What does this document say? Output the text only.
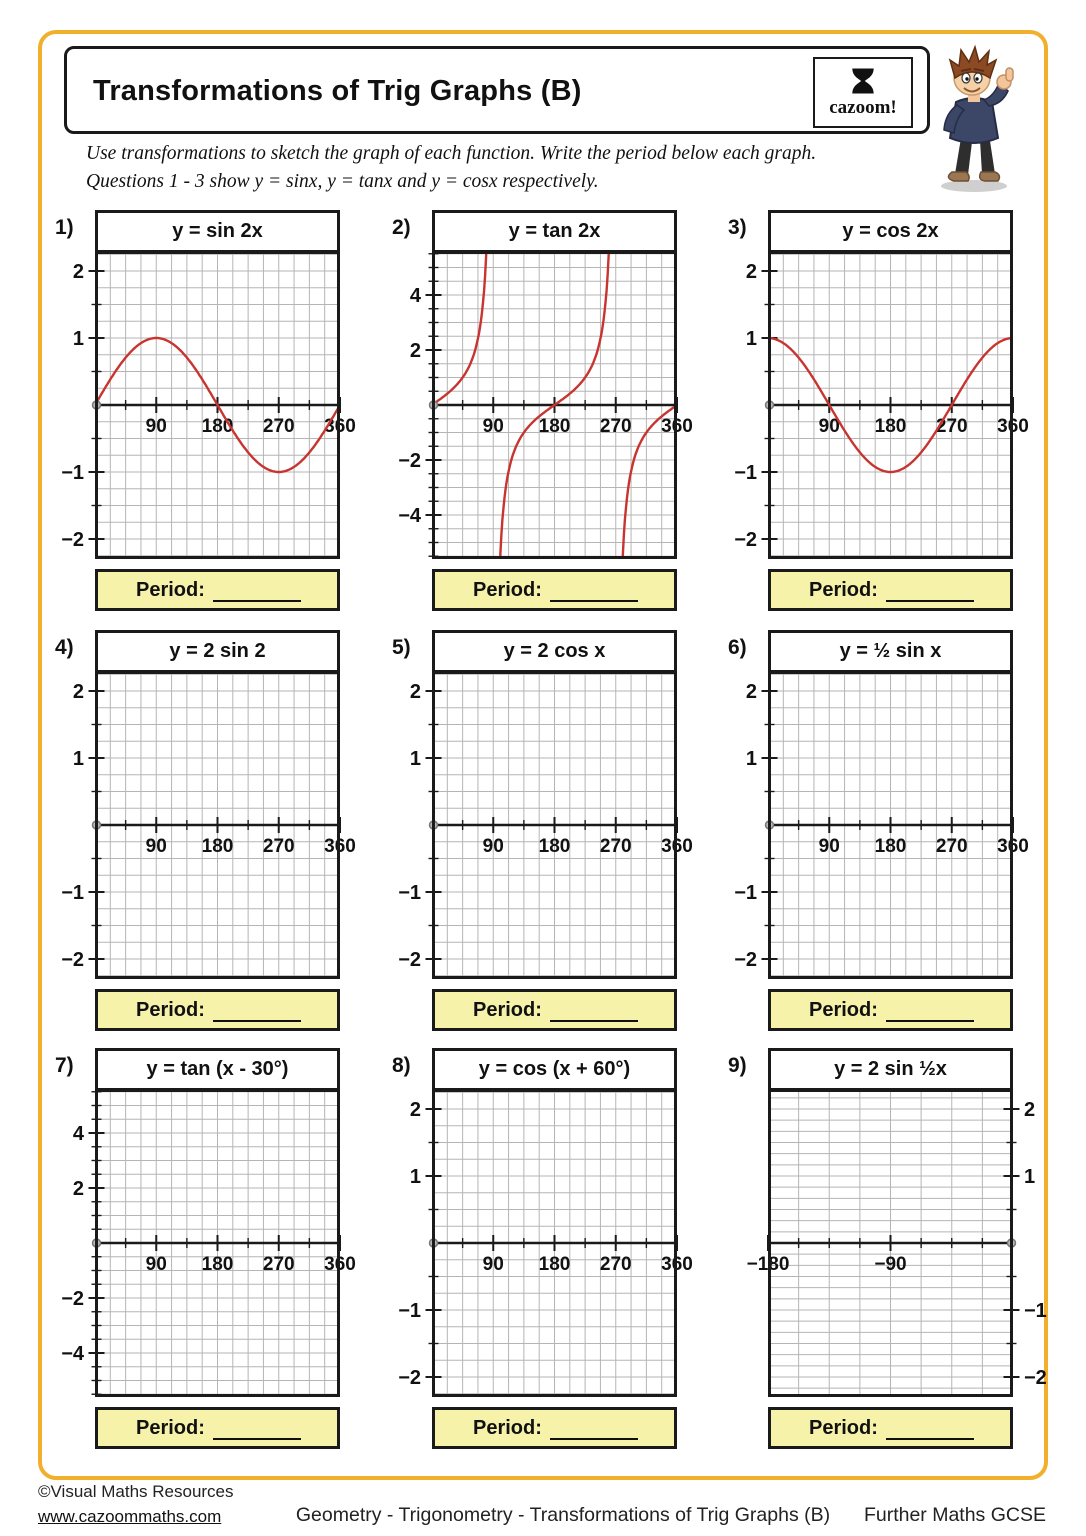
Transformations of Trig Graphs (B)
cazoom!
Use transformations to sketch the graph of each function. Write the period below each graph.
Questions 1 - 3 show y = sinx, y = tanx and y = cosx respectively.
1)	y = sin 2x
90 180 270 360
2
1
−1
−2
Period:
2)	y = tan 2x
90 180 270 360
4
2
−2
−4
Period:
3)	y = cos 2x
90 180 270 360
2
1
−1
−2
Period:
4)	y = 2 sin 2
90 180 270 360
2
1
−1
−2
Period:
5)	y = 2 cos x
90 180 270 360
2
1
−1
−2
Period:
6)	y = ½ sin x
90 180 270 360
2
1
−1
−2
Period:
7)	y = tan (x - 30°)
90 180 270 360
4
2
−2
−4
Period:
8)	y = cos (x + 60°)
90 180 270 360
2
1
−1
−2
Period:
9)	y = 2 sin ½x
−180	−90
2
1
−1
−2
Period:
©Visual Maths Resources
www.cazoommaths.com	Geometry - Trigonometry - Transformations of Trig Graphs (B)	Further Maths GCSE
